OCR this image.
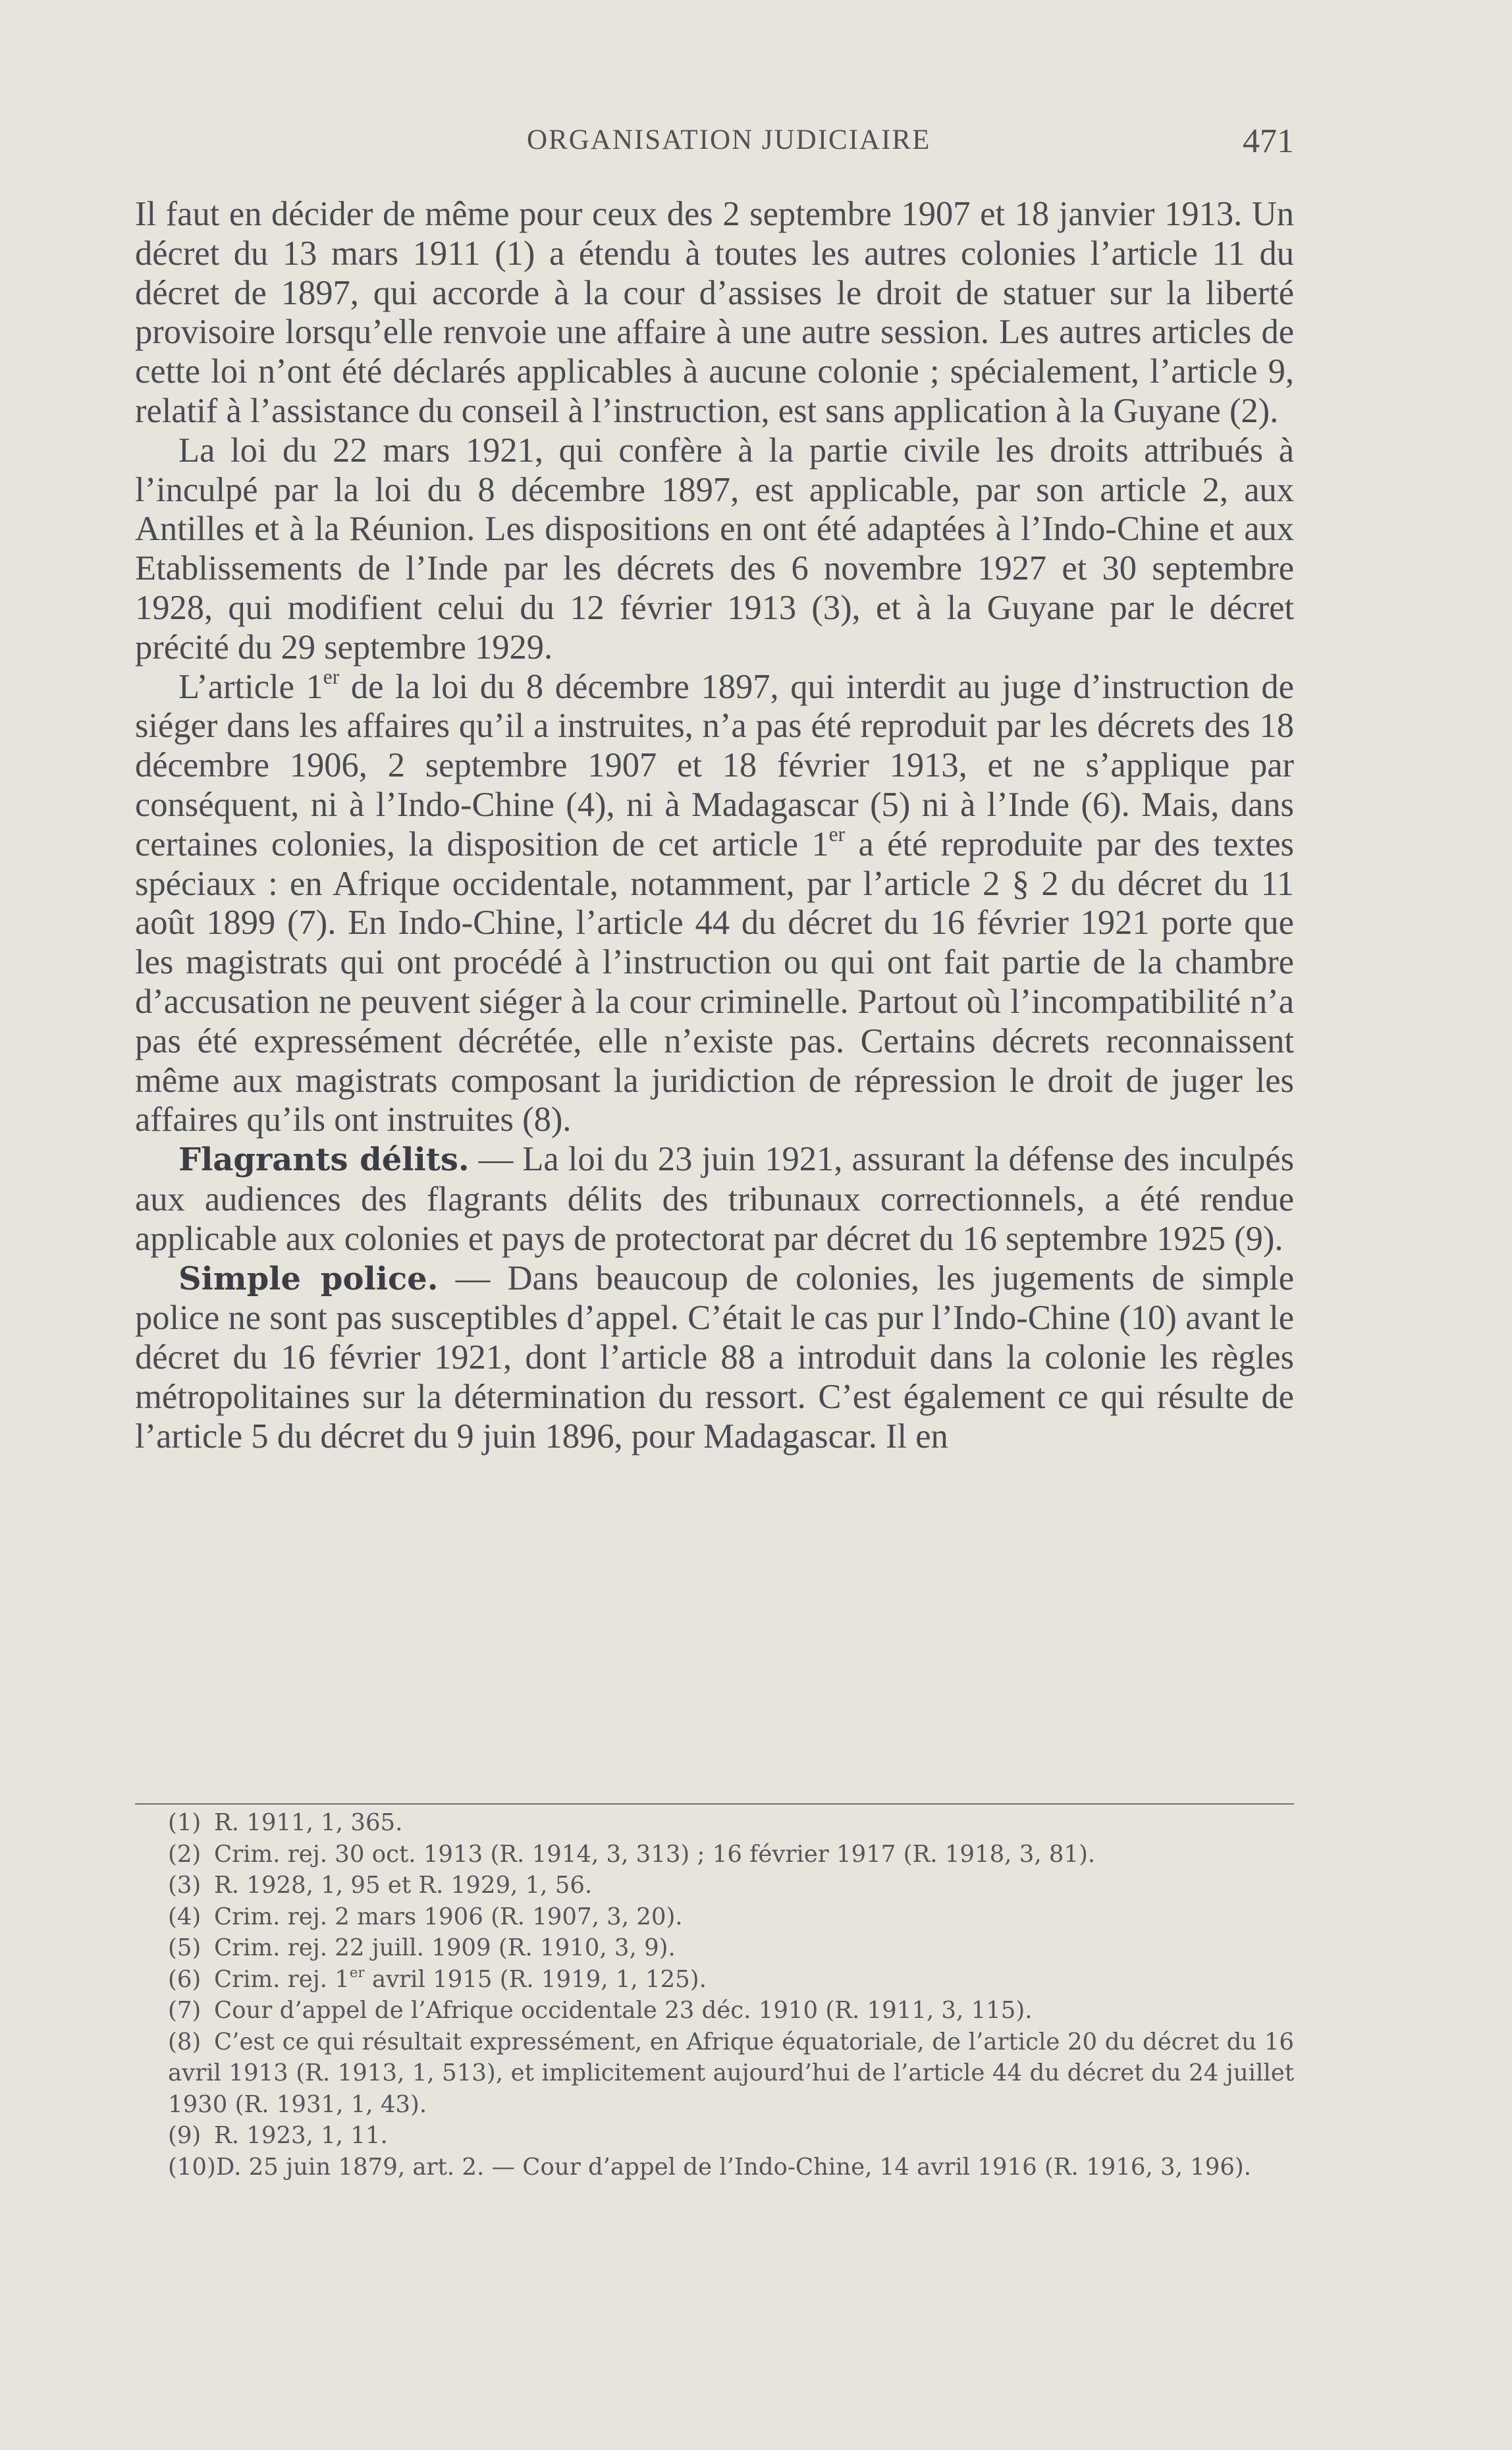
ORGANISATION JUDICIAIRE	471

Il faut en décider de même pour ceux des 2 septembre 1907 et 18 janvier 1913. Un décret du 13 mars 1911 (1) a étendu à toutes les autres colonies l’article 11 du décret de 1897, qui accorde à la cour d’assises le droit de statuer sur la liberté provisoire lorsqu’elle renvoie une affaire à une autre session. Les autres articles de cette loi n’ont été déclarés applicables à aucune colonie ; spécialement, l’article 9, relatif à l’assistance du conseil à l’instruction, est sans application à la Guyane (2).

La loi du 22 mars 1921, qui confère à la partie civile les droits attribués à l’inculpé par la loi du 8 décembre 1897, est applicable, par son article 2, aux Antilles et à la Réunion. Les dispositions en ont été adaptées à l’Indo-Chine et aux Etablissements de l’Inde par les décrets des 6 novembre 1927 et 30 septembre 1928, qui modifient celui du 12 février 1913 (3), et à la Guyane par le décret précité du 29 septembre 1929.

L’article 1er de la loi du 8 décembre 1897, qui interdit au juge d’instruction de siéger dans les affaires qu’il a instruites, n’a pas été reproduit par les décrets des 18 décembre 1906, 2 septembre 1907 et 18 février 1913, et ne s’applique par conséquent, ni à l’Indo-Chine (4), ni à Madagascar (5) ni à l’Inde (6). Mais, dans certaines colonies, la disposition de cet article 1er a été reproduite par des textes spéciaux : en Afrique occidentale, notamment, par l’article 2 § 2 du décret du 11 août 1899 (7). En Indo-Chine, l’article 44 du décret du 16 février 1921 porte que les magistrats qui ont procédé à l’instruction ou qui ont fait partie de la chambre d’accusation ne peuvent siéger à la cour criminelle. Partout où l’incompatibilité n’a pas été expressément décrétée, elle n’existe pas. Certains décrets reconnaissent même aux magistrats composant la juridiction de répression le droit de juger les affaires qu’ils ont instruites (8).

Flagrants délits. — La loi du 23 juin 1921, assurant la défense des inculpés aux audiences des flagrants délits des tribunaux correctionnels, a été rendue applicable aux colonies et pays de protectorat par décret du 16 septembre 1925 (9).

Simple police. — Dans beaucoup de colonies, les jugements de simple police ne sont pas susceptibles d’appel. C’était le cas pur l’Indo-Chine (10) avant le décret du 16 février 1921, dont l’article 88 a introduit dans la colonie les règles métropolitaines sur la détermination du ressort. C’est également ce qui résulte de l’article 5 du décret du 9 juin 1896, pour Madagascar. Il en

(1) R. 1911, 1, 365.

(2) Crim. rej. 30 oct. 1913 (R. 1914, 3, 313) ; 16 février 1917 (R. 1918, 3, 81).

(3) R. 1928, 1, 95 et R. 1929, 1, 56.

(4) Crim. rej. 2 mars 1906 (R. 1907, 3, 20).

(5) Crim. rej. 22 juill. 1909 (R. 1910, 3, 9).

(6) Crim. rej. 1er avril 1915 (R. 1919, 1, 125).

(7) Cour d’appel de l’Afrique occidentale 23 déc. 1910 (R. 1911, 3, 115).

(8) C’est ce qui résultait expressément, en Afrique équatoriale, de l’article 20 du décret du 16 avril 1913 (R. 1913, 1, 513), et implicitement aujourd’hui de l’article 44 du décret du 24 juillet 1930 (R. 1931, 1, 43).

(9) R. 1923, 1, 11.

(10)D. 25 juin 1879, art. 2. — Cour d’appel de l’Indo-Chine, 14 avril 1916 (R. 1916, 3, 196).
